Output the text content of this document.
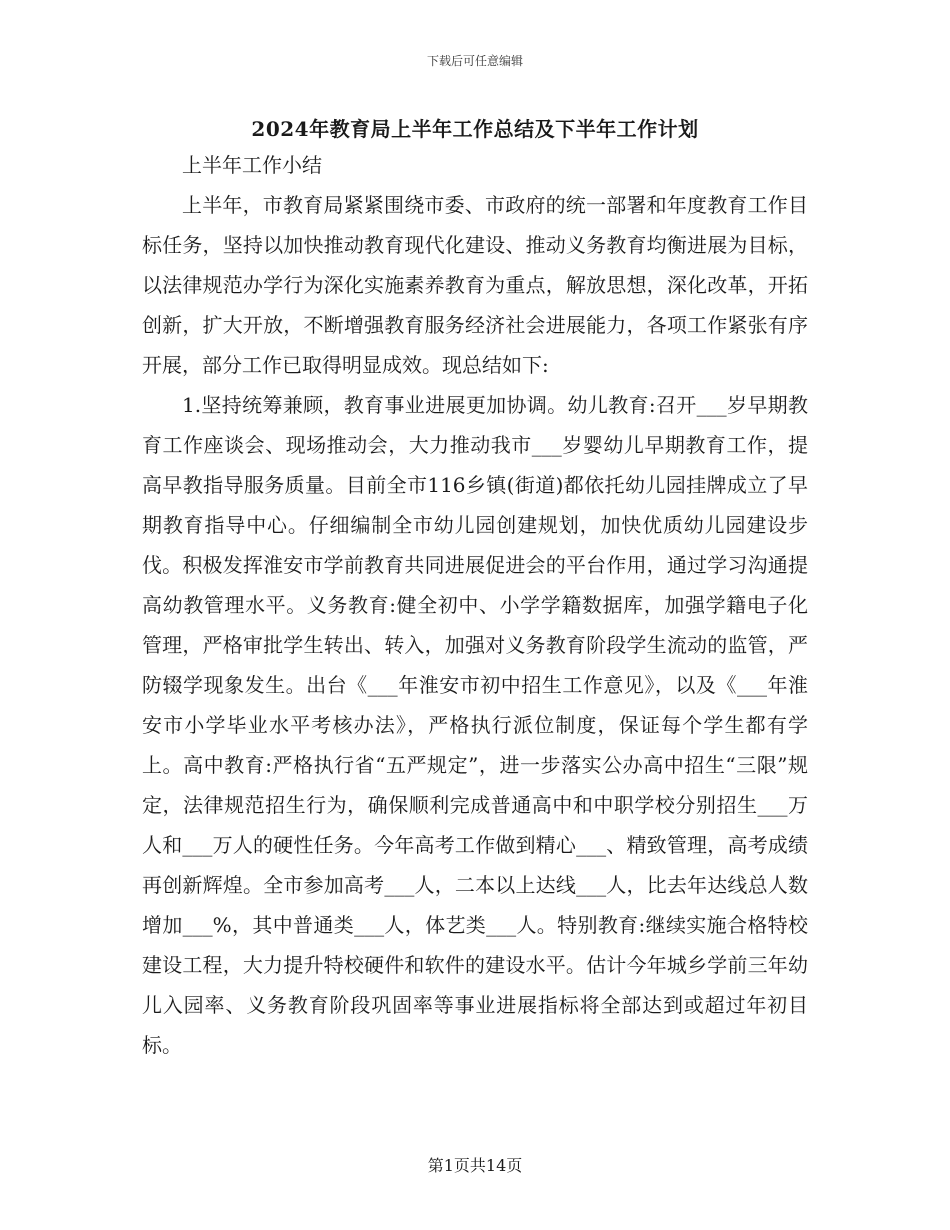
下载后可任意编辑
2024年教育局上半年工作总结及下半年工作计划

上半年工作小结

上半年，市教育局紧紧围绕市委、市政府的统一部署和年度教育工作目标任务，坚持以加快推动教育现代化建设、推动义务教育均衡进展为目标，以法律规范办学行为深化实施素养教育为重点，解放思想，深化改革，开拓创新，扩大开放，不断增强教育服务经济社会进展能力，各项工作紧张有序开展，部分工作已取得明显成效。现总结如下:

1.坚持统筹兼顾，教育事业进展更加协调。幼儿教育:召开___岁早期教育工作座谈会、现场推动会，大力推动我市___岁婴幼儿早期教育工作，提高早教指导服务质量。目前全市116乡镇(街道)都依托幼儿园挂牌成立了早期教育指导中心。仔细编制全市幼儿园创建规划，加快优质幼儿园建设步伐。积极发挥淮安市学前教育共同进展促进会的平台作用，通过学习沟通提高幼教管理水平。义务教育:健全初中、小学学籍数据库，加强学籍电子化管理，严格审批学生转出、转入，加强对义务教育阶段学生流动的监管，严防辍学现象发生。出台《___年淮安市初中招生工作意见》，以及《___年淮安市小学毕业水平考核办法》，严格执行派位制度，保证每个学生都有学上。高中教育:严格执行省“五严规定”，进一步落实公办高中招生“三限”规定，法律规范招生行为，确保顺利完成普通高中和中职学校分别招生___万人和___万人的硬性任务。今年高考工作做到精心___、精致管理，高考成绩再创新辉煌。全市参加高考___人，二本以上达线___人，比去年达线总人数增加___%，其中普通类___人，体艺类___人。特别教育:继续实施合格特校建设工程，大力提升特校硬件和软件的建设水平。估计今年城乡学前三年幼儿入园率、义务教育阶段巩固率等事业进展指标将全部达到或超过年初目标。

第1页共14页
